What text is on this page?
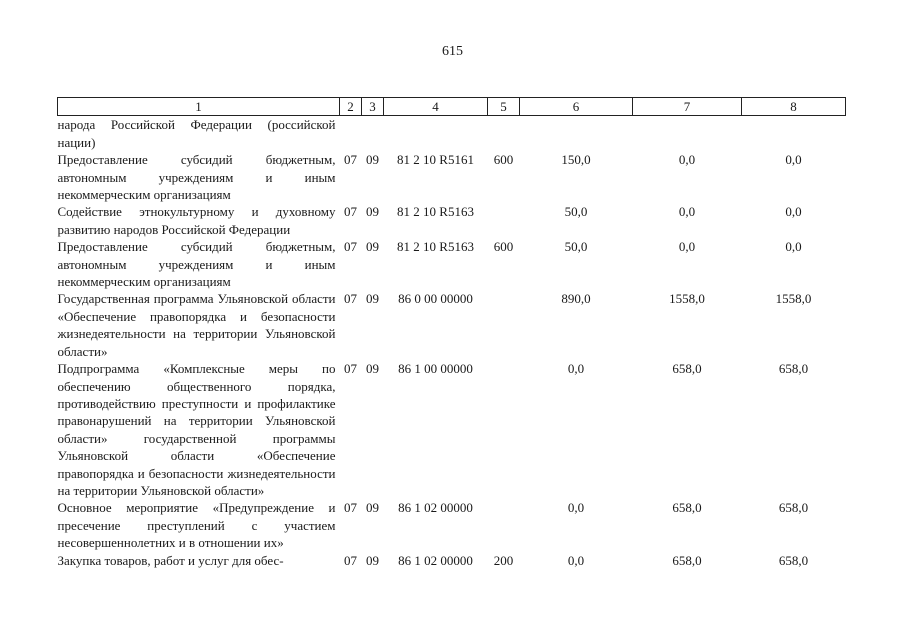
615
1	2	3	4	5	6	7	8
народа Российской Федерации (российской нации)							
Предоставление субсидий бюджетным, автономным учреждениям и иным некоммерческим организациям	07	09	81 2 10 R5161	600	150,0	0,0	0,0
Содействие этнокультурному и духовному развитию народов Российской Федерации	07	09	81 2 10 R5163		50,0	0,0	0,0
Предоставление субсидий бюджетным, автономным учреждениям и иным некоммерческим организациям	07	09	81 2 10 R5163	600	50,0	0,0	0,0
Государственная программа Ульяновской области «Обеспечение правопорядка и безопасности жизнедеятельности на территории Ульяновской области»	07	09	86 0 00 00000		890,0	1558,0	1558,0
Подпрограмма «Комплексные меры по обеспечению общественного порядка, противодействию преступности и профилактике правонарушений на территории Ульяновской области» государственной программы Ульяновской области «Обеспечение правопорядка и безопасности жизнедеятельности на территории Ульяновской области»	07	09	86 1 00 00000		0,0	658,0	658,0
Основное мероприятие «Предупреждение и пресечение преступлений с участием несовершеннолетних и в отношении их»	07	09	86 1 02 00000		0,0	658,0	658,0
Закупка товаров, работ и услуг для обес-	07	09	86 1 02 00000	200	0,0	658,0	658,0
